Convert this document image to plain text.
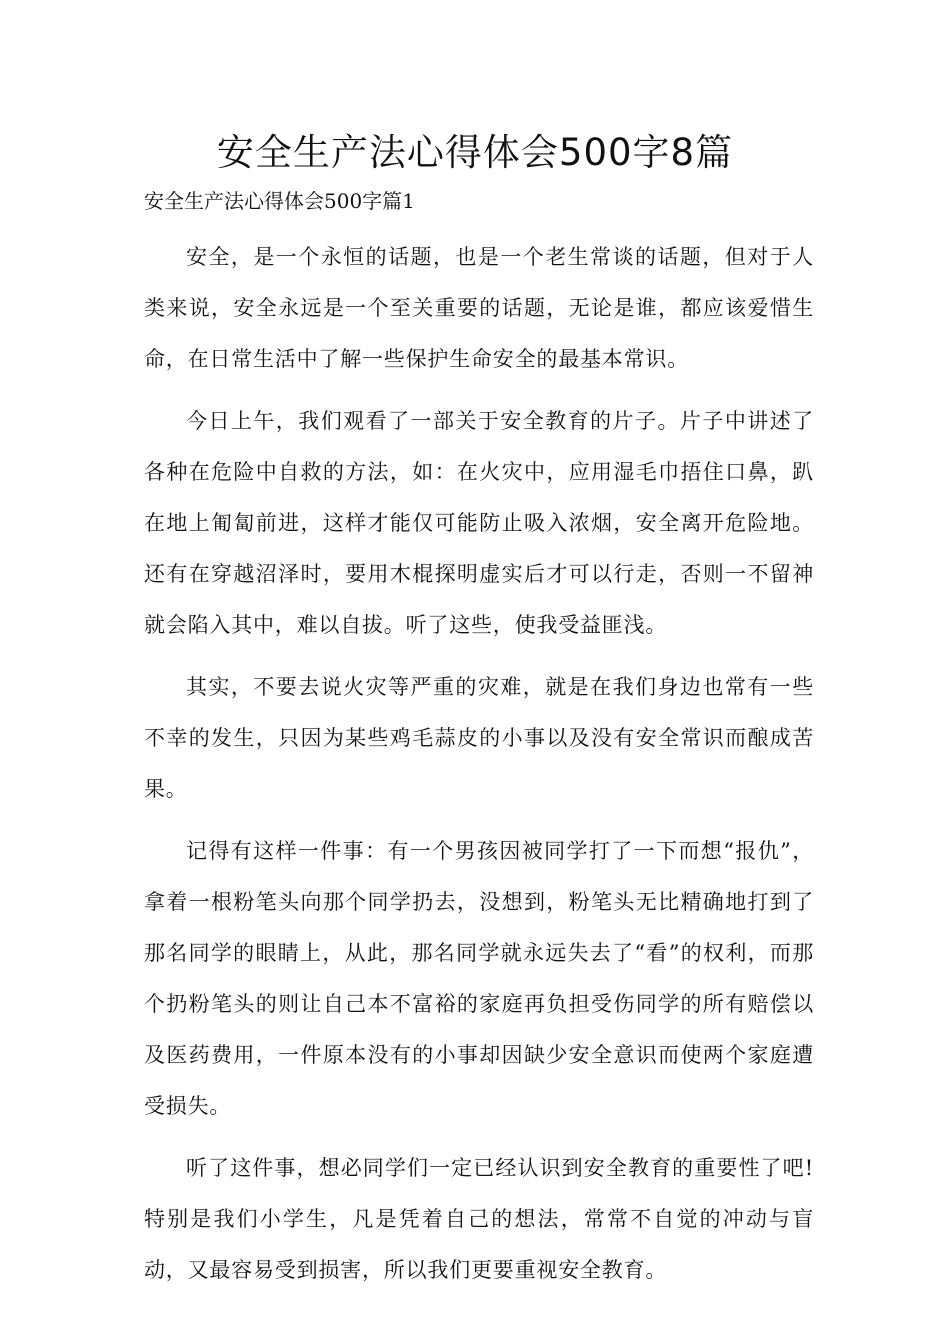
安全生产法心得体会500字8篇
安全生产法心得体会500字篇1

安全，是一个永恒的话题，也是一个老生常谈的话题，但对于人类来说，安全永远是一个至关重要的话题，无论是谁，都应该爱惜生命，在日常生活中了解一些保护生命安全的最基本常识。

今日上午，我们观看了一部关于安全教育的片子。片子中讲述了各种在危险中自救的方法，如：在火灾中，应用湿毛巾捂住口鼻，趴在地上匍匐前进，这样才能仅可能防止吸入浓烟，安全离开危险地。还有在穿越沼泽时，要用木棍探明虚实后才可以行走，否则一不留神就会陷入其中，难以自拔。听了这些，使我受益匪浅。

其实，不要去说火灾等严重的灾难，就是在我们身边也常有一些不幸的发生，只因为某些鸡毛蒜皮的小事以及没有安全常识而酿成苦果。

记得有这样一件事：有一个男孩因被同学打了一下而想“报仇”，拿着一根粉笔头向那个同学扔去，没想到，粉笔头无比精确地打到了那名同学的眼睛上，从此，那名同学就永远失去了“看”的权利，而那个扔粉笔头的则让自己本不富裕的家庭再负担受伤同学的所有赔偿以及医药费用，一件原本没有的小事却因缺少安全意识而使两个家庭遭受损失。

听了这件事，想必同学们一定已经认识到安全教育的重要性了吧!特别是我们小学生，凡是凭着自己的想法，常常不自觉的冲动与盲动，又最容易受到损害，所以我们更要重视安全教育。
